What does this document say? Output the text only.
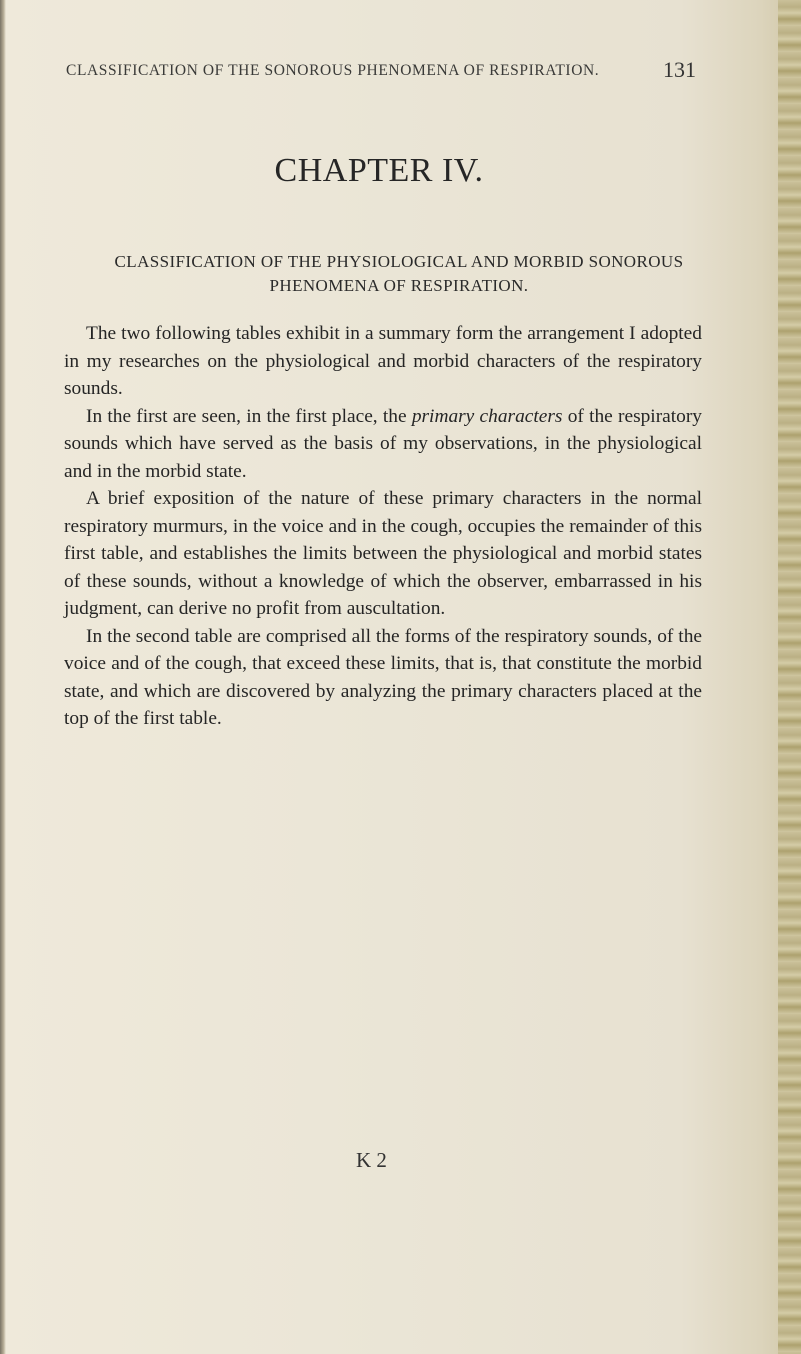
CLASSIFICATION OF THE SONOROUS PHENOMENA OF RESPIRATION.	131
CHAPTER IV.
CLASSIFICATION OF THE PHYSIOLOGICAL AND MORBID SONOROUS
PHENOMENA OF RESPIRATION.

The two following tables exhibit in a summary form the arrangement I adopted in my researches on the physiological and morbid characters of the respiratory sounds.

In the first are seen, in the first place, the primary characters of the respiratory sounds which have served as the basis of my observations, in the physiological and in the morbid state.

A brief exposition of the nature of these primary characters in the normal respiratory murmurs, in the voice and in the cough, occupies the remainder of this first table, and establishes the limits between the physiological and morbid states of these sounds, without a knowledge of which the observer, embarrassed in his judgment, can derive no profit from auscultation.

In the second table are comprised all the forms of the respiratory sounds, of the voice and of the cough, that exceed these limits, that is, that constitute the morbid state, and which are discovered by analyzing the primary characters placed at the top of the first table.

K 2
